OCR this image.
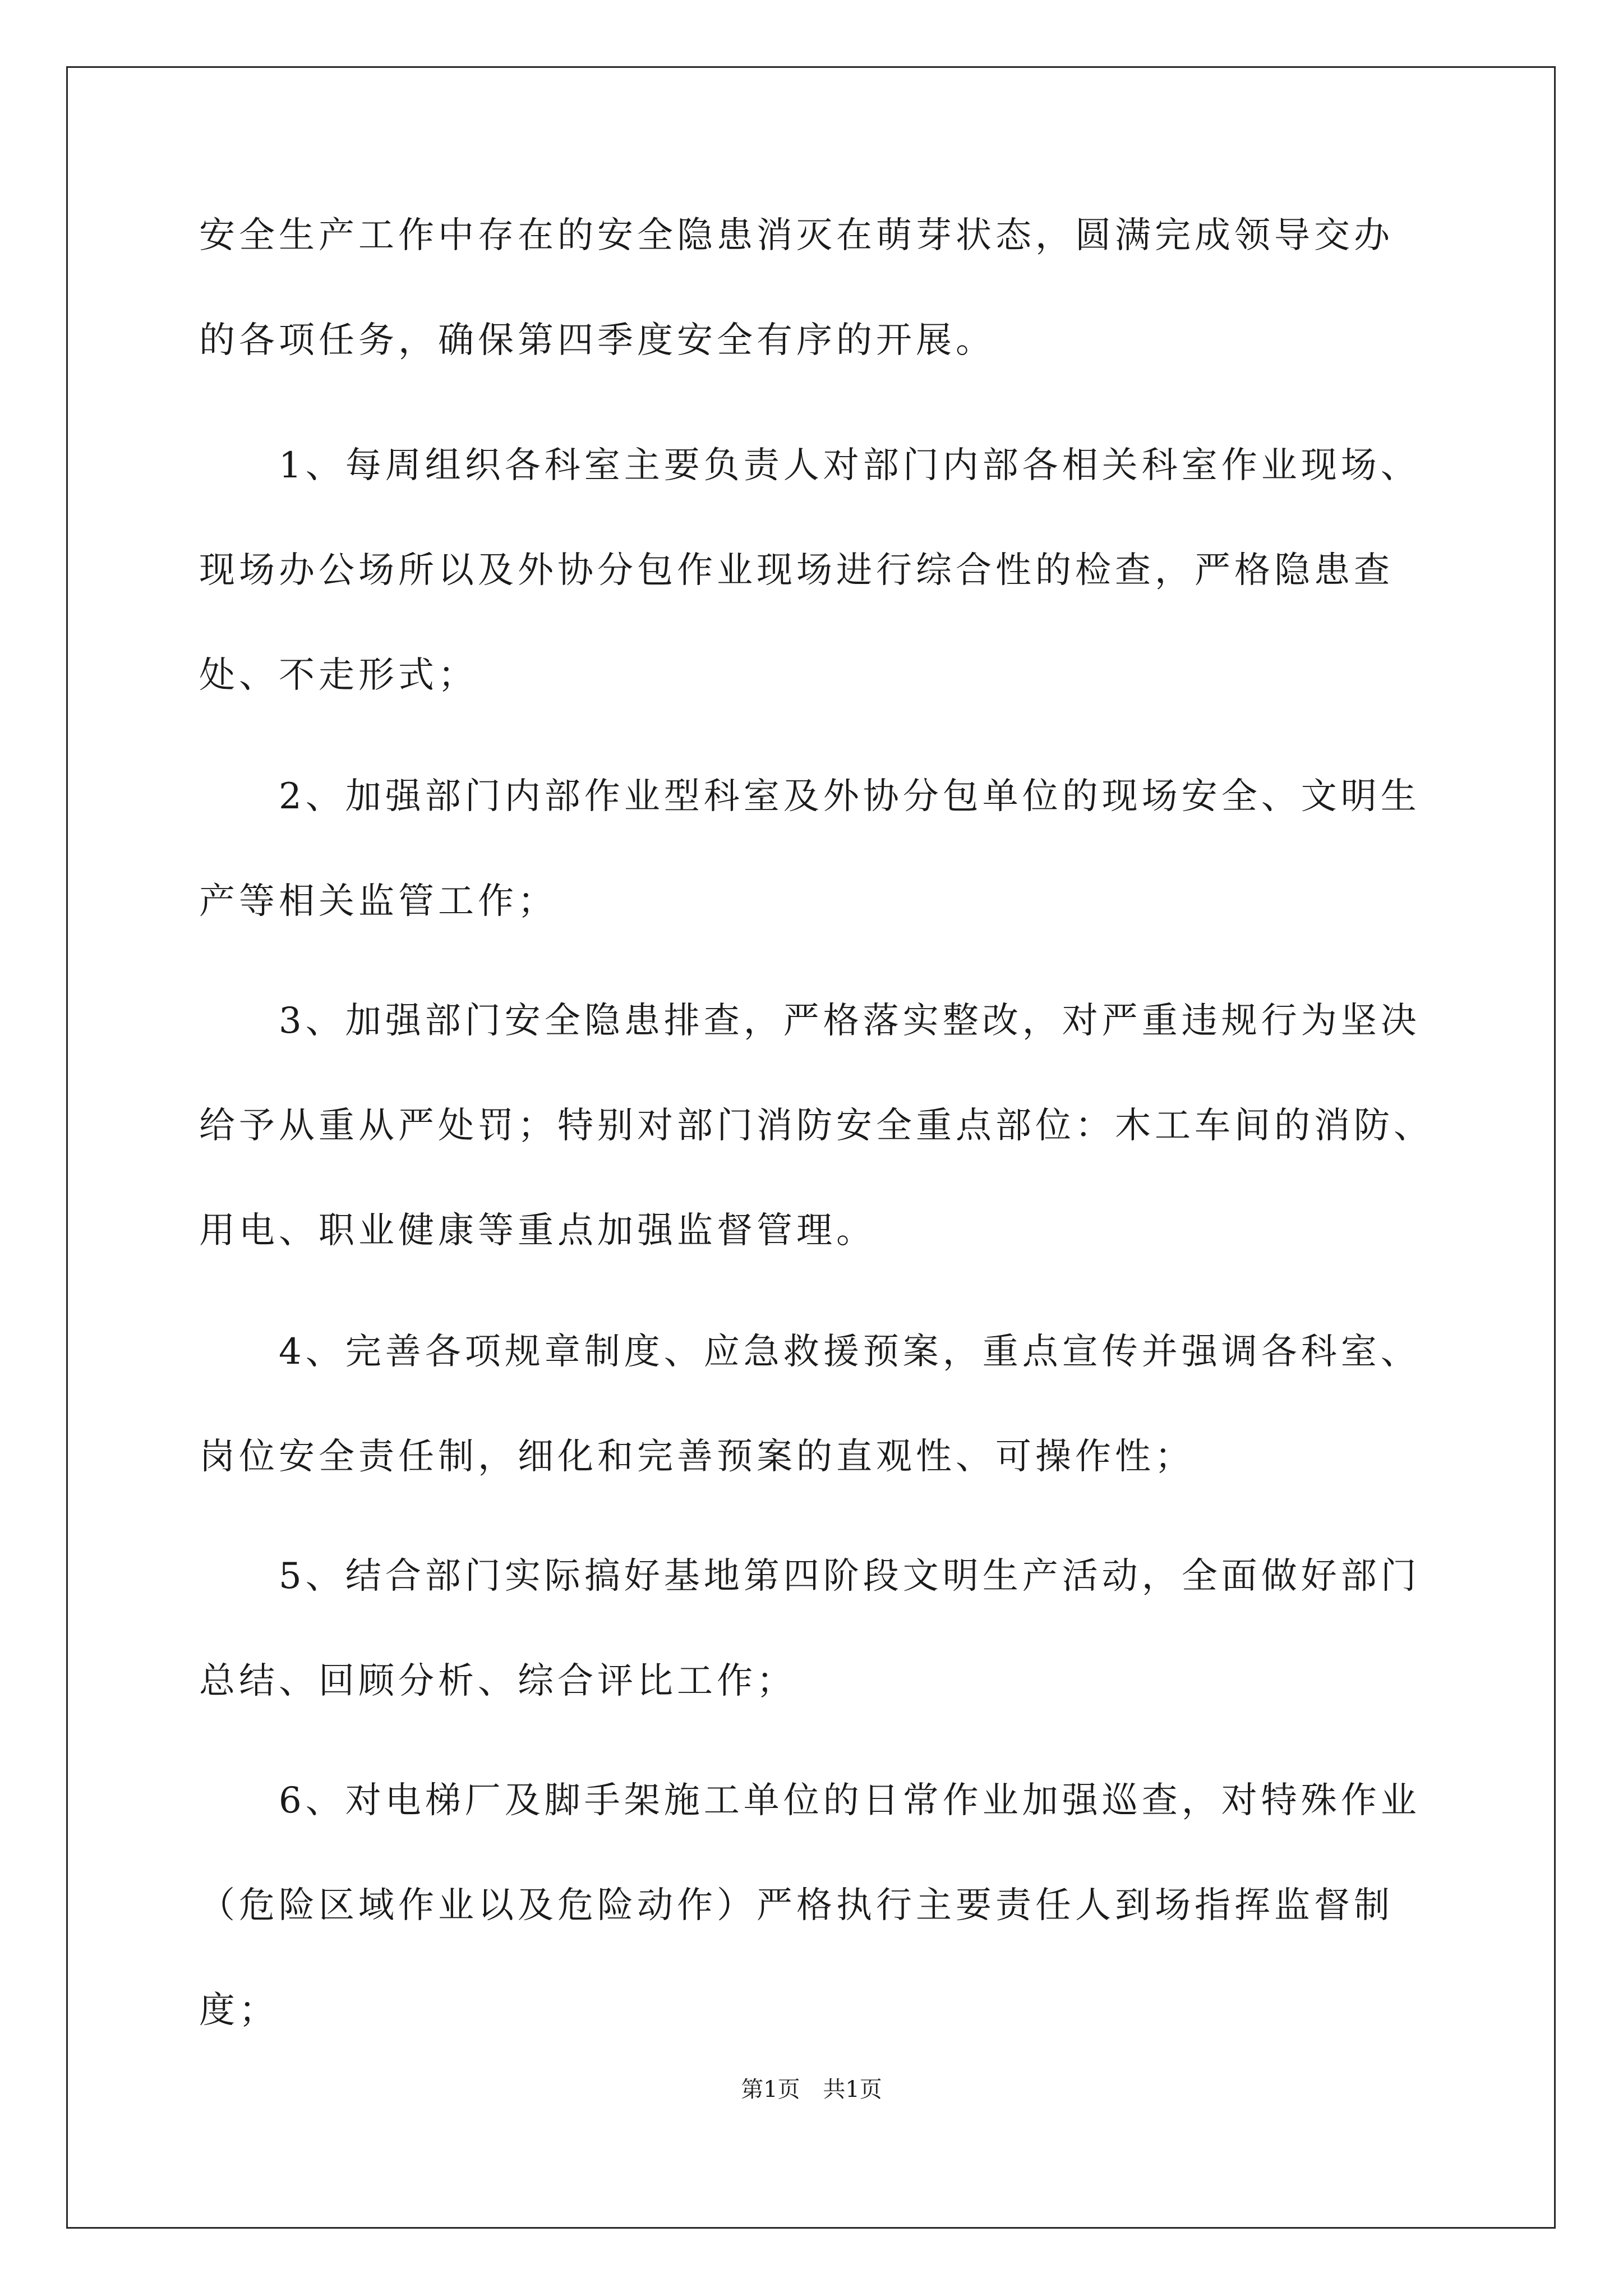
安全生产工作中存在的安全隐患消灭在萌芽状态，圆满完成领导交办
的各项任务，确保第四季度安全有序的开展。
　　1、每周组织各科室主要负责人对部门内部各相关科室作业现场、
现场办公场所以及外协分包作业现场进行综合性的检查，严格隐患查
处、不走形式；
　　2、加强部门内部作业型科室及外协分包单位的现场安全、文明生
产等相关监管工作；
　　3、加强部门安全隐患排查，严格落实整改，对严重违规行为坚决
给予从重从严处罚；特别对部门消防安全重点部位：木工车间的消防、
用电、职业健康等重点加强监督管理。
　　4、完善各项规章制度、应急救援预案，重点宣传并强调各科室、
岗位安全责任制，细化和完善预案的直观性、可操作性；
　　5、结合部门实际搞好基地第四阶段文明生产活动，全面做好部门
总结、回顾分析、综合评比工作；
　　6、对电梯厂及脚手架施工单位的日常作业加强巡查，对特殊作业
（危险区域作业以及危险动作）严格执行主要责任人到场指挥监督制
度；
第1页 共1页
